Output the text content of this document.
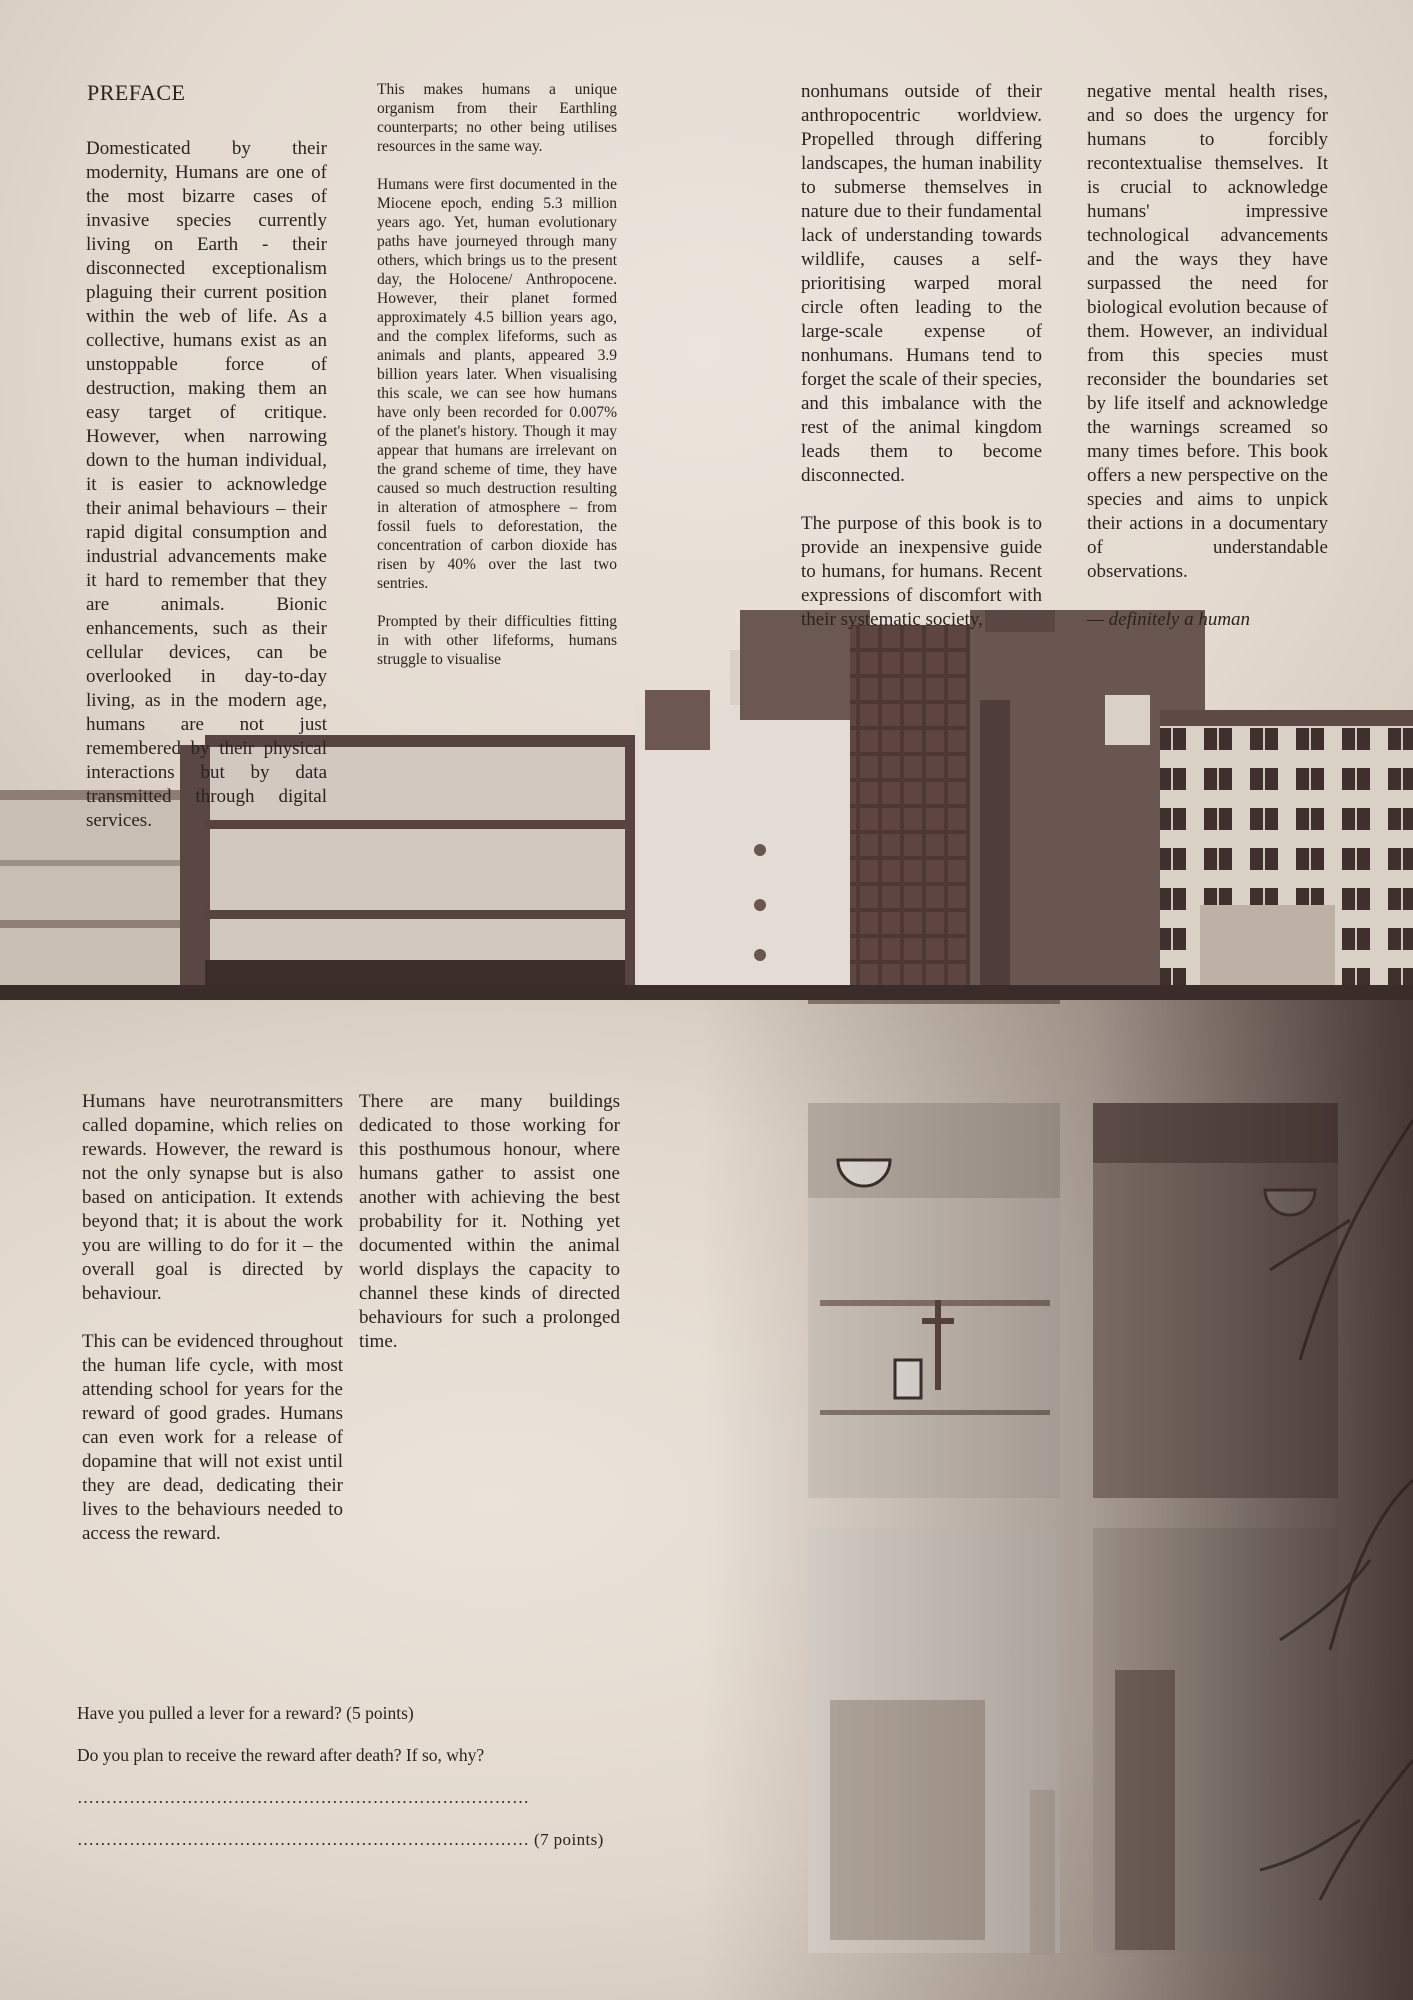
PREFACE

Domesticated by their modernity, Humans are one of the most bizarre cases of invasive species currently living on Earth - their disconnected exceptionalism plaguing their current position within the web of life. As a collective, humans exist as an unstoppable force of destruction, making them an easy target of critique. However, when narrowing down to the human individual, it is easier to acknowledge their animal behaviours – their rapid digital consumption and industrial advancements make it hard to remember that they are animals. Bionic enhancements, such as their cellular devices, can be overlooked in day-to-day living, as in the modern age, humans are not just remembered by their physical interactions but by data transmitted through digital services.

This makes humans a unique organism from their Earthling counterparts; no other being utilises resources in the same way.

Humans were first documented in the Miocene epoch, ending 5.3 million years ago. Yet, human evolutionary paths have journeyed through many others, which brings us to the present day, the Holocene/ Anthropocene. However, their planet formed approximately 4.5 billion years ago, and the complex lifeforms, such as animals and plants, appeared 3.9 billion years later. When visualising this scale, we can see how humans have only been recorded for 0.007% of the planet's history. Though it may appear that humans are irrelevant on the grand scheme of time, they have caused so much destruction resulting in alteration of atmosphere – from fossil fuels to deforestation, the concentration of carbon dioxide has risen by 40% over the last two sentries.

Prompted by their difficulties fitting in with other lifeforms, humans struggle to visualise

nonhumans outside of their anthropocentric worldview. Propelled through differing landscapes, the human inability to submerse themselves in nature due to their fundamental lack of understanding towards wildlife, causes a self-prioritising warped moral circle often leading to the large-scale expense of nonhumans. Humans tend to forget the scale of their species, and this imbalance with the rest of the animal kingdom leads them to become disconnected.

The purpose of this book is to provide an inexpensive guide to humans, for humans. Recent expressions of discomfort with their systematic society,

negative mental health rises, and so does the urgency for humans to forcibly recontextualise themselves. It is crucial to acknowledge humans' impressive technological advancements and the ways they have surpassed the need for biological evolution because of them. However, an individual from this species must reconsider the boundaries set by life itself and acknowledge the warnings screamed so many times before. This book offers a new perspective on the species and aims to unpick their actions in a documentary of understandable observations.

— definitely a human

Humans have neurotransmitters called dopamine, which relies on rewards. However, the reward is not the only synapse but is also based on anticipation. It extends beyond that; it is about the work you are willing to do for it – the overall goal is directed by behaviour.

This can be evidenced throughout the human life cycle, with most attending school for years for the reward of good grades. Humans can even work for a release of dopamine that will not exist until they are dead, dedicating their lives to the behaviours needed to access the reward.

There are many buildings dedicated to those working for this posthumous honour, where humans gather to assist one another with achieving the best probability for it. Nothing yet documented within the animal world displays the capacity to channel these kinds of directed behaviours for such a prolonged time.

Have you pulled a lever for a reward? (5 points)
Do you plan to receive the reward after death? If so, why?
……………………………………………………………………
…………………………………………………………………… (7 points)
